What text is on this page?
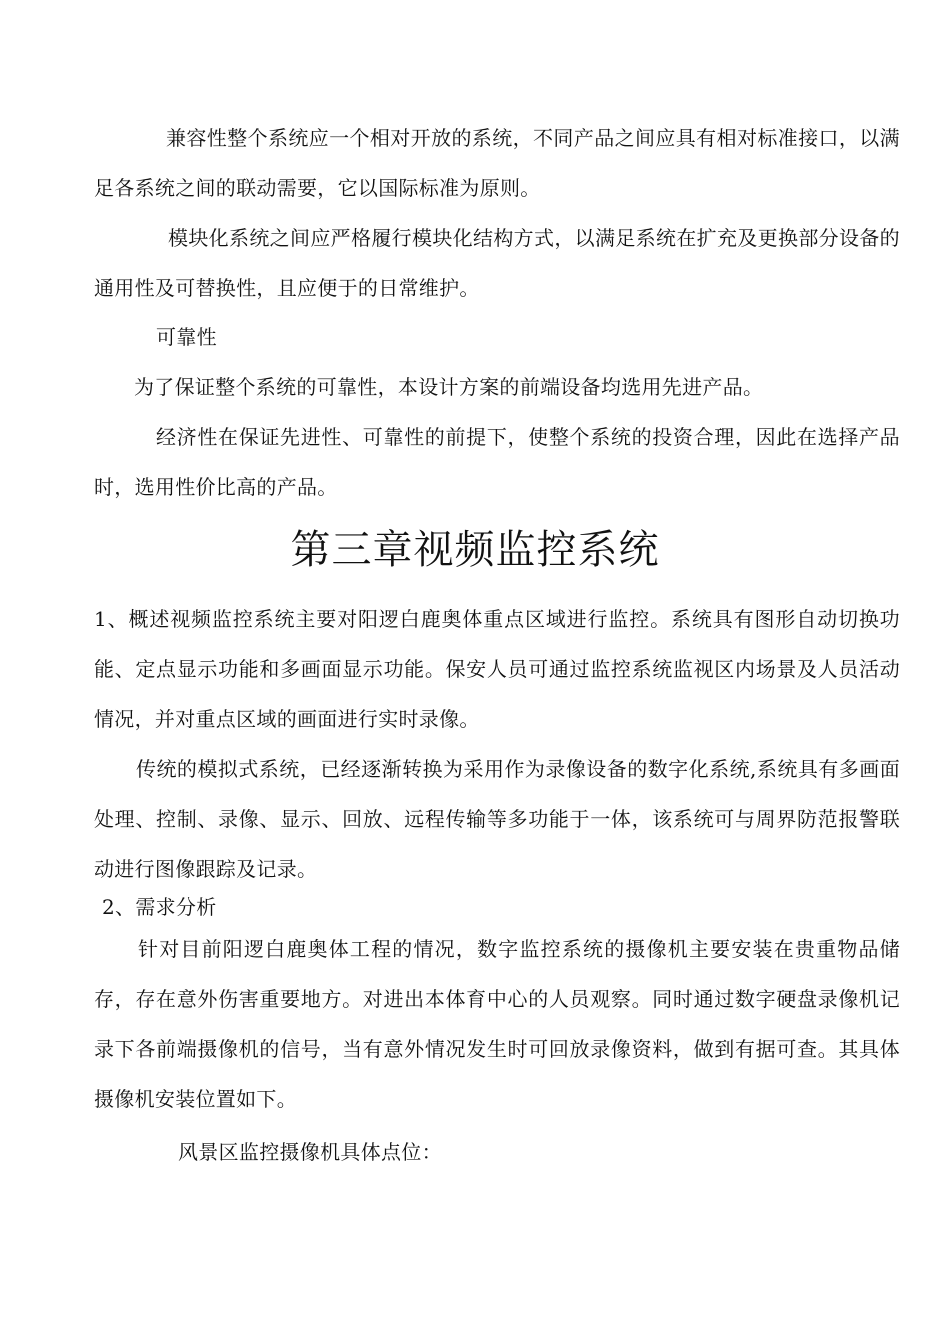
兼容性整个系统应一个相对开放的系统，不同产品之间应具有相对标准接口，以满足各系统之间的联动需要，它以国际标准为原则。

模块化系统之间应严格履行模块化结构方式，以满足系统在扩充及更换部分设备的通用性及可替换性，且应便于的日常维护。

可靠性

为了保证整个系统的可靠性，本设计方案的前端设备均选用先进产品。

经济性在保证先进性、可靠性的前提下，使整个系统的投资合理，因此在选择产品时，选用性价比高的产品。

第三章视频监控系统

1、概述视频监控系统主要对阳逻白鹿奥体重点区域进行监控。系统具有图形自动切换功能、定点显示功能和多画面显示功能。保安人员可通过监控系统监视区内场景及人员活动情况，并对重点区域的画面进行实时录像。

传统的模拟式系统，已经逐渐转换为采用作为录像设备的数字化系统,系统具有多画面处理、控制、录像、显示、回放、远程传输等多功能于一体，该系统可与周界防范报警联动进行图像跟踪及记录。

2、需求分析

针对目前阳逻白鹿奥体工程的情况，数字监控系统的摄像机主要安装在贵重物品储存，存在意外伤害重要地方。对进出本体育中心的人员观察。同时通过数字硬盘录像机记录下各前端摄像机的信号，当有意外情况发生时可回放录像资料，做到有据可查。其具体摄像机安装位置如下。

风景区监控摄像机具体点位：
